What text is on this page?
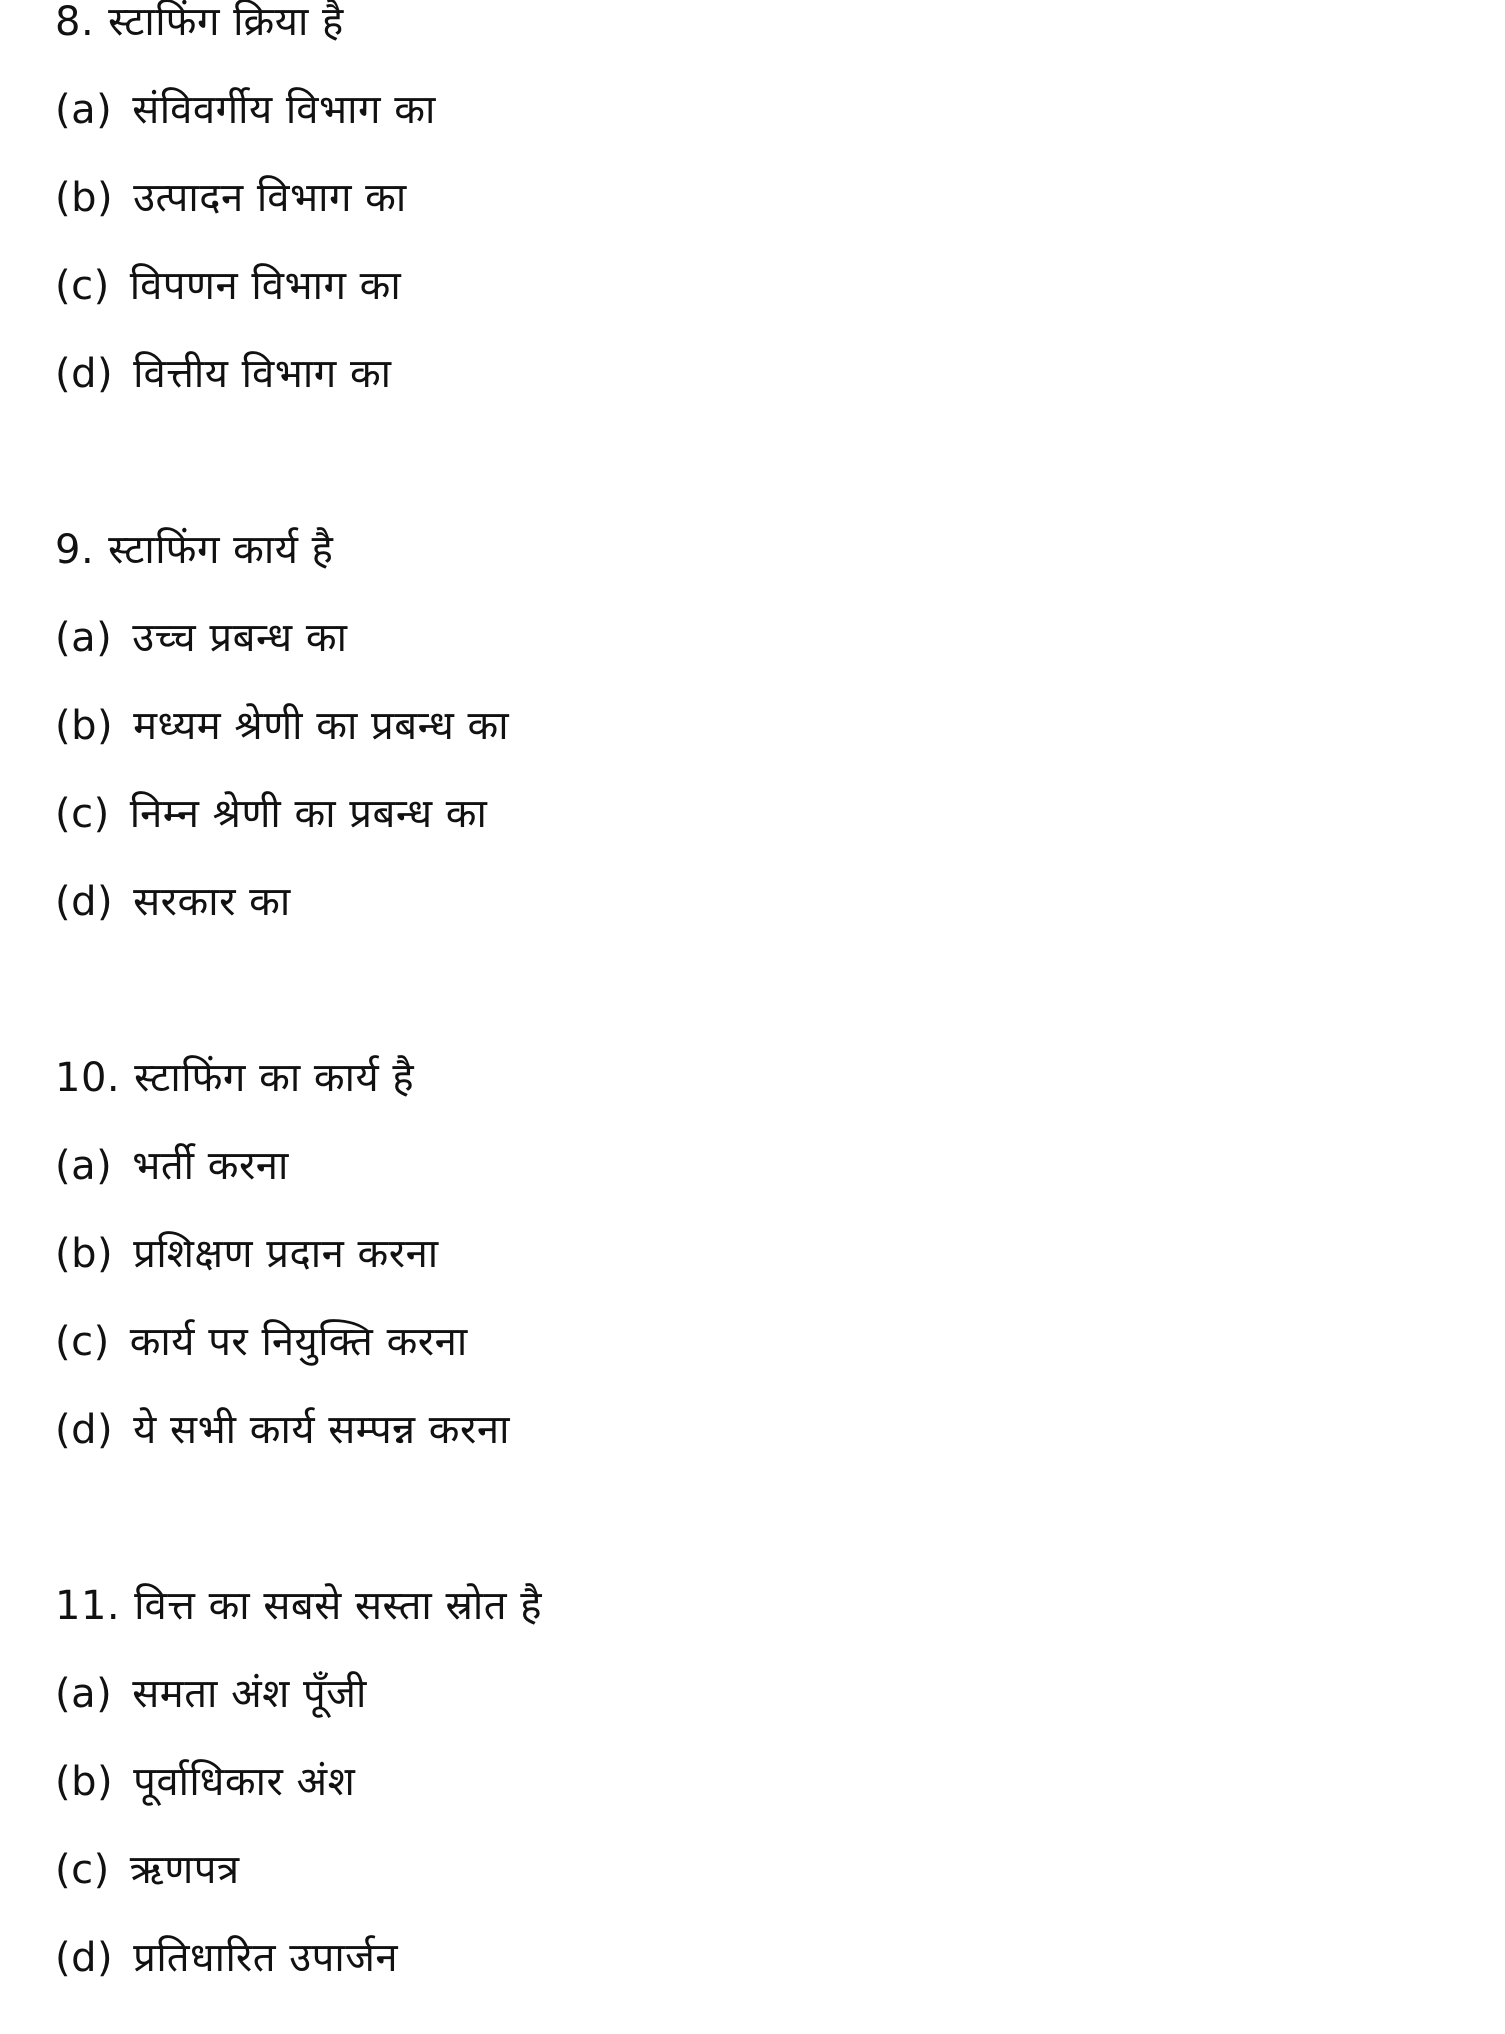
8. स्टाफिंग क्रिया है
(a) संविवर्गीय विभाग का
(b) उत्पादन विभाग का
(c) विपणन विभाग का
(d) वित्तीय विभाग का
9. स्टाफिंग कार्य है
(a) उच्च प्रबन्ध का
(b) मध्यम श्रेणी का प्रबन्ध का
(c) निम्न श्रेणी का प्रबन्ध का
(d) सरकार का
10. स्टाफिंग का कार्य है
(a) भर्ती करना
(b) प्रशिक्षण प्रदान करना
(c) कार्य पर नियुक्ति करना
(d) ये सभी कार्य सम्पन्न करना
11. वित्त का सबसे सस्ता स्रोत है
(a) समता अंश पूँजी
(b) पूर्वाधिकार अंश
(c) ऋणपत्र
(d) प्रतिधारित उपार्जन
